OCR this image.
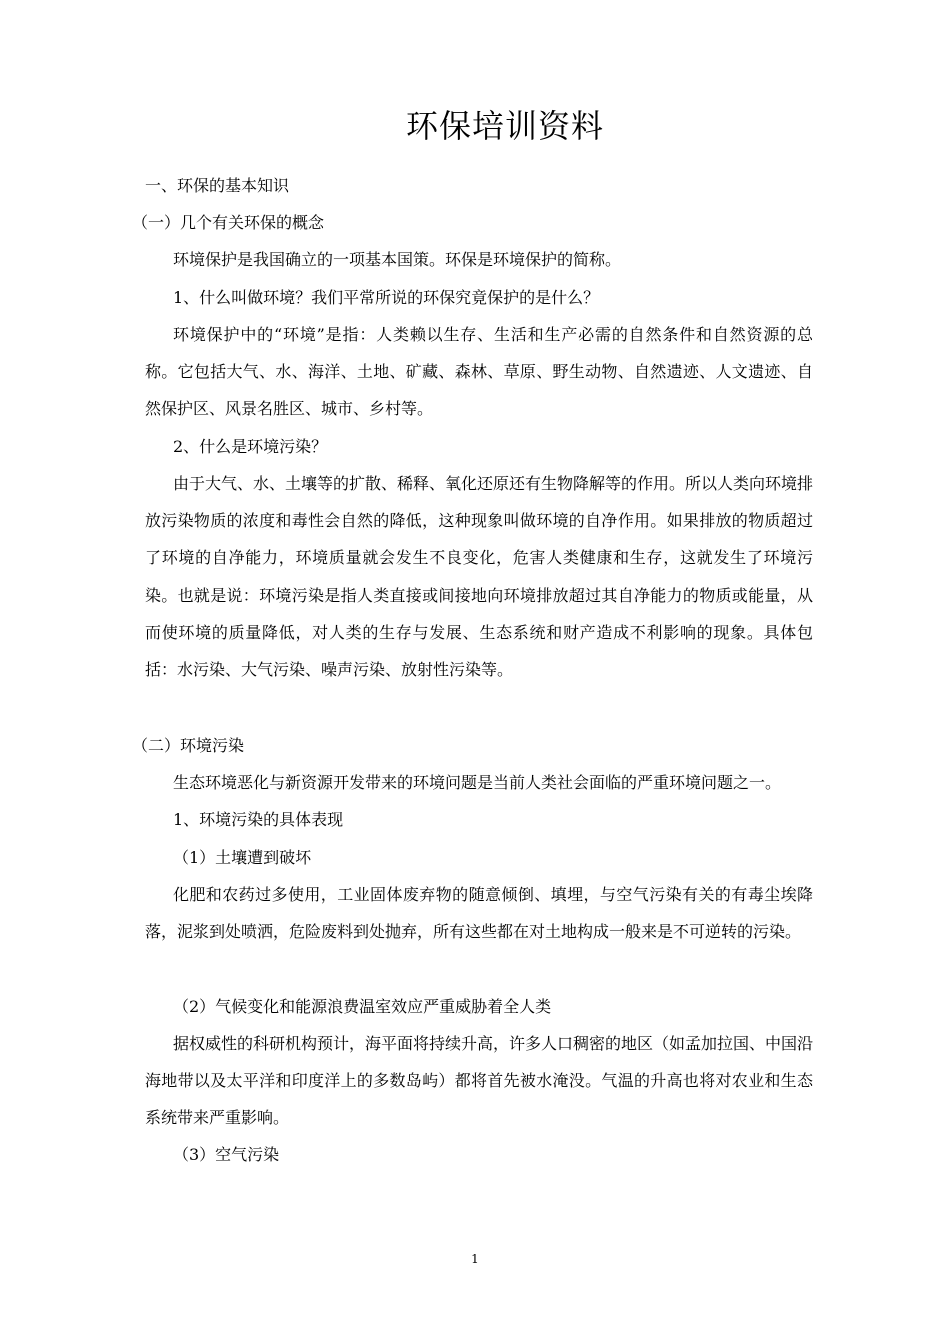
环保培训资料
一、环保的基本知识
（一）几个有关环保的概念
环境保护是我国确立的一项基本国策。环保是环境保护的简称。
1、什么叫做环境？我们平常所说的环保究竟保护的是什么？
环境保护中的“环境”是指：人类赖以生存、生活和生产必需的自然条件和自然资源的总称。它包括大气、水、海洋、土地、矿藏、森林、草原、野生动物、自然遗迹、人文遗迹、自然保护区、风景名胜区、城市、乡村等。
2、什么是环境污染？
由于大气、水、土壤等的扩散、稀释、氧化还原还有生物降解等的作用。所以人类向环境排放污染物质的浓度和毒性会自然的降低，这种现象叫做环境的自净作用。如果排放的物质超过了环境的自净能力，环境质量就会发生不良变化，危害人类健康和生存，这就发生了环境污染。也就是说：环境污染是指人类直接或间接地向环境排放超过其自净能力的物质或能量，从而使环境的质量降低，对人类的生存与发展、生态系统和财产造成不利影响的现象。具体包括：水污染、大气污染、噪声污染、放射性污染等。
（二）环境污染
生态环境恶化与新资源开发带来的环境问题是当前人类社会面临的严重环境问题之一。
1、环境污染的具体表现
（1）土壤遭到破坏
化肥和农药过多使用，工业固体废弃物的随意倾倒、填埋，与空气污染有关的有毒尘埃降落，泥浆到处喷洒，危险废料到处抛弃，所有这些都在对土地构成一般来是不可逆转的污染。
（2）气候变化和能源浪费温室效应严重威胁着全人类
据权威性的科研机构预计，海平面将持续升高，许多人口稠密的地区（如孟加拉国、中国沿海地带以及太平洋和印度洋上的多数岛屿）都将首先被水淹没。气温的升高也将对农业和生态系统带来严重影响。
（3）空气污染
1
